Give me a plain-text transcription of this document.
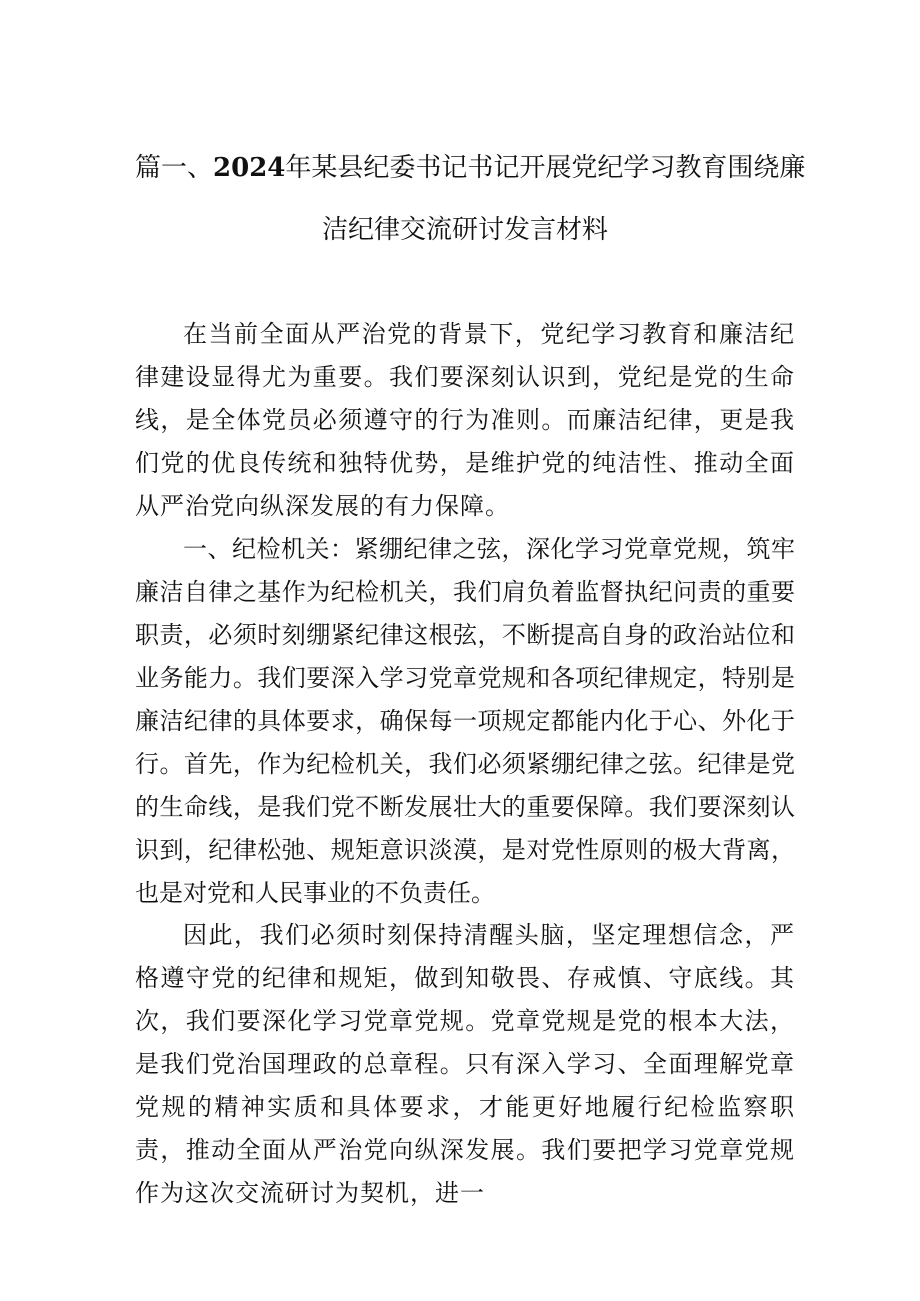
篇一、2024年某县纪委书记书记开展党纪学习教育围绕廉
洁纪律交流研讨发言材料

在当前全面从严治党的背景下，党纪学习教育和廉洁纪律建设显得尤为重要。我们要深刻认识到，党纪是党的生命线，是全体党员必须遵守的行为准则。而廉洁纪律，更是我们党的优良传统和独特优势，是维护党的纯洁性、推动全面从严治党向纵深发展的有力保障。

一、纪检机关：紧绷纪律之弦，深化学习党章党规，筑牢廉洁自律之基作为纪检机关，我们肩负着监督执纪问责的重要职责，必须时刻绷紧纪律这根弦，不断提高自身的政治站位和业务能力。我们要深入学习党章党规和各项纪律规定，特别是廉洁纪律的具体要求，确保每一项规定都能内化于心、外化于行。首先，作为纪检机关，我们必须紧绷纪律之弦。纪律是党的生命线，是我们党不断发展壮大的重要保障。我们要深刻认识到，纪律松弛、规矩意识淡漠，是对党性原则的极大背离，也是对党和人民事业的不负责任。

因此，我们必须时刻保持清醒头脑，坚定理想信念，严格遵守党的纪律和规矩，做到知敬畏、存戒慎、守底线。其次，我们要深化学习党章党规。党章党规是党的根本大法，是我们党治国理政的总章程。只有深入学习、全面理解党章党规的精神实质和具体要求，才能更好地履行纪检监察职责，推动全面从严治党向纵深发展。我们要把学习党章党规作为这次交流研讨为契机，进一
